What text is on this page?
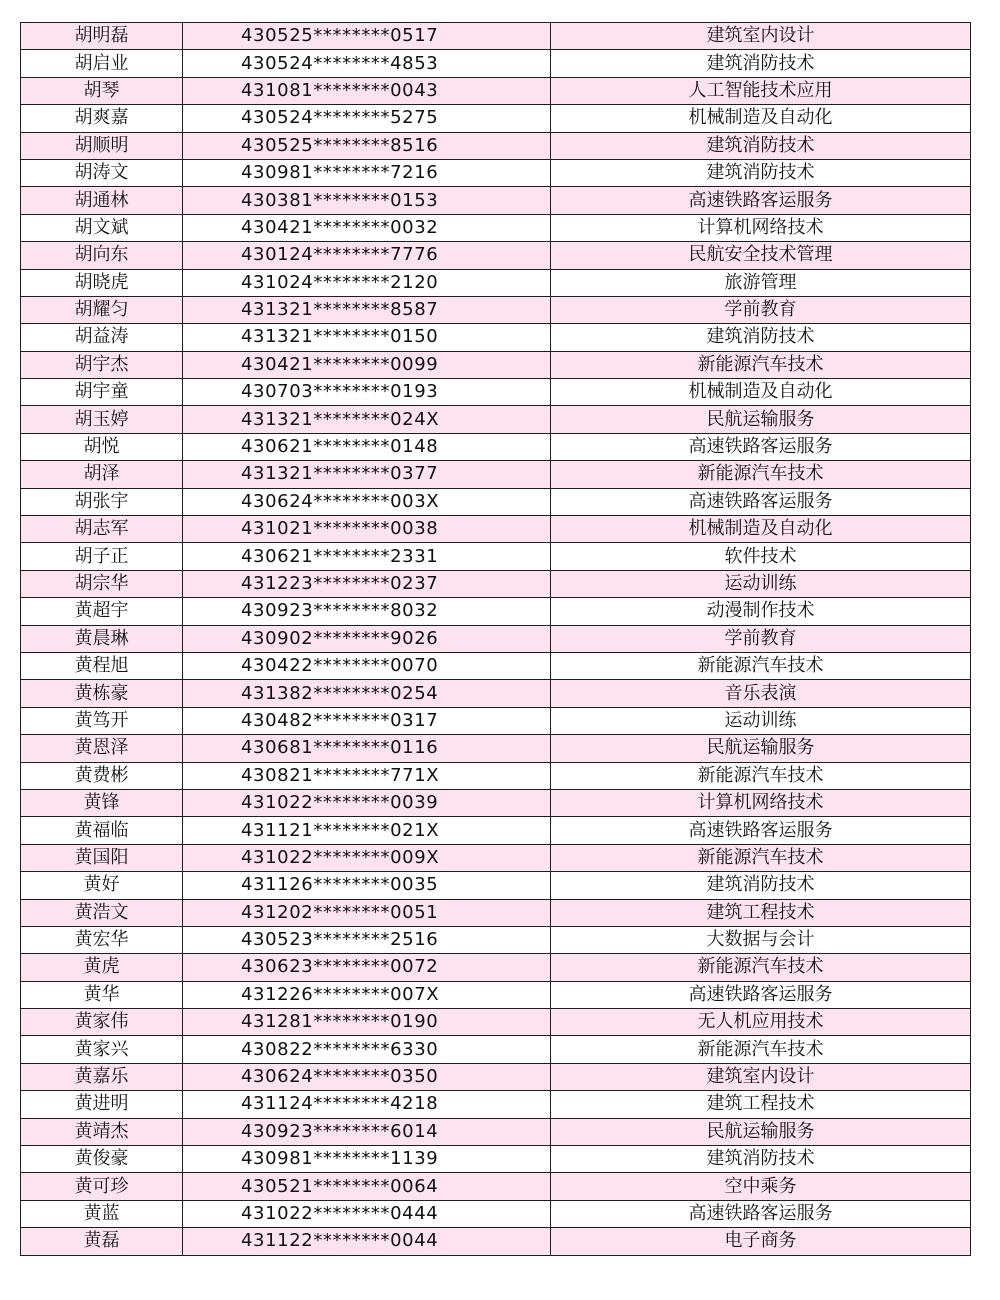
胡明磊	430525********0517	建筑室内设计
胡启业	430524********4853	建筑消防技术
胡琴	431081********0043	人工智能技术应用
胡爽嘉	430524********5275	机械制造及自动化
胡顺明	430525********8516	建筑消防技术
胡涛文	430981********7216	建筑消防技术
胡通林	430381********0153	高速铁路客运服务
胡文斌	430421********0032	计算机网络技术
胡向东	430124********7776	民航安全技术管理
胡晓虎	431024********2120	旅游管理
胡耀匀	431321********8587	学前教育
胡益涛	431321********0150	建筑消防技术
胡宇杰	430421********0099	新能源汽车技术
胡宇童	430703********0193	机械制造及自动化
胡玉婷	431321********024X	民航运输服务
胡悦	430621********0148	高速铁路客运服务
胡泽	431321********0377	新能源汽车技术
胡张宇	430624********003X	高速铁路客运服务
胡志军	431021********0038	机械制造及自动化
胡子正	430621********2331	软件技术
胡宗华	431223********0237	运动训练
黄超宇	430923********8032	动漫制作技术
黄晨琳	430902********9026	学前教育
黄程旭	430422********0070	新能源汽车技术
黄栋豪	431382********0254	音乐表演
黄笃开	430482********0317	运动训练
黄恩泽	430681********0116	民航运输服务
黄费彬	430821********771X	新能源汽车技术
黄锋	431022********0039	计算机网络技术
黄福临	431121********021X	高速铁路客运服务
黄国阳	431022********009X	新能源汽车技术
黄好	431126********0035	建筑消防技术
黄浩文	431202********0051	建筑工程技术
黄宏华	430523********2516	大数据与会计
黄虎	430623********0072	新能源汽车技术
黄华	431226********007X	高速铁路客运服务
黄家伟	431281********0190	无人机应用技术
黄家兴	430822********6330	新能源汽车技术
黄嘉乐	430624********0350	建筑室内设计
黄进明	431124********4218	建筑工程技术
黄靖杰	430923********6014	民航运输服务
黄俊豪	430981********1139	建筑消防技术
黄可珍	430521********0064	空中乘务
黄蓝	431022********0444	高速铁路客运服务
黄磊	431122********0044	电子商务
